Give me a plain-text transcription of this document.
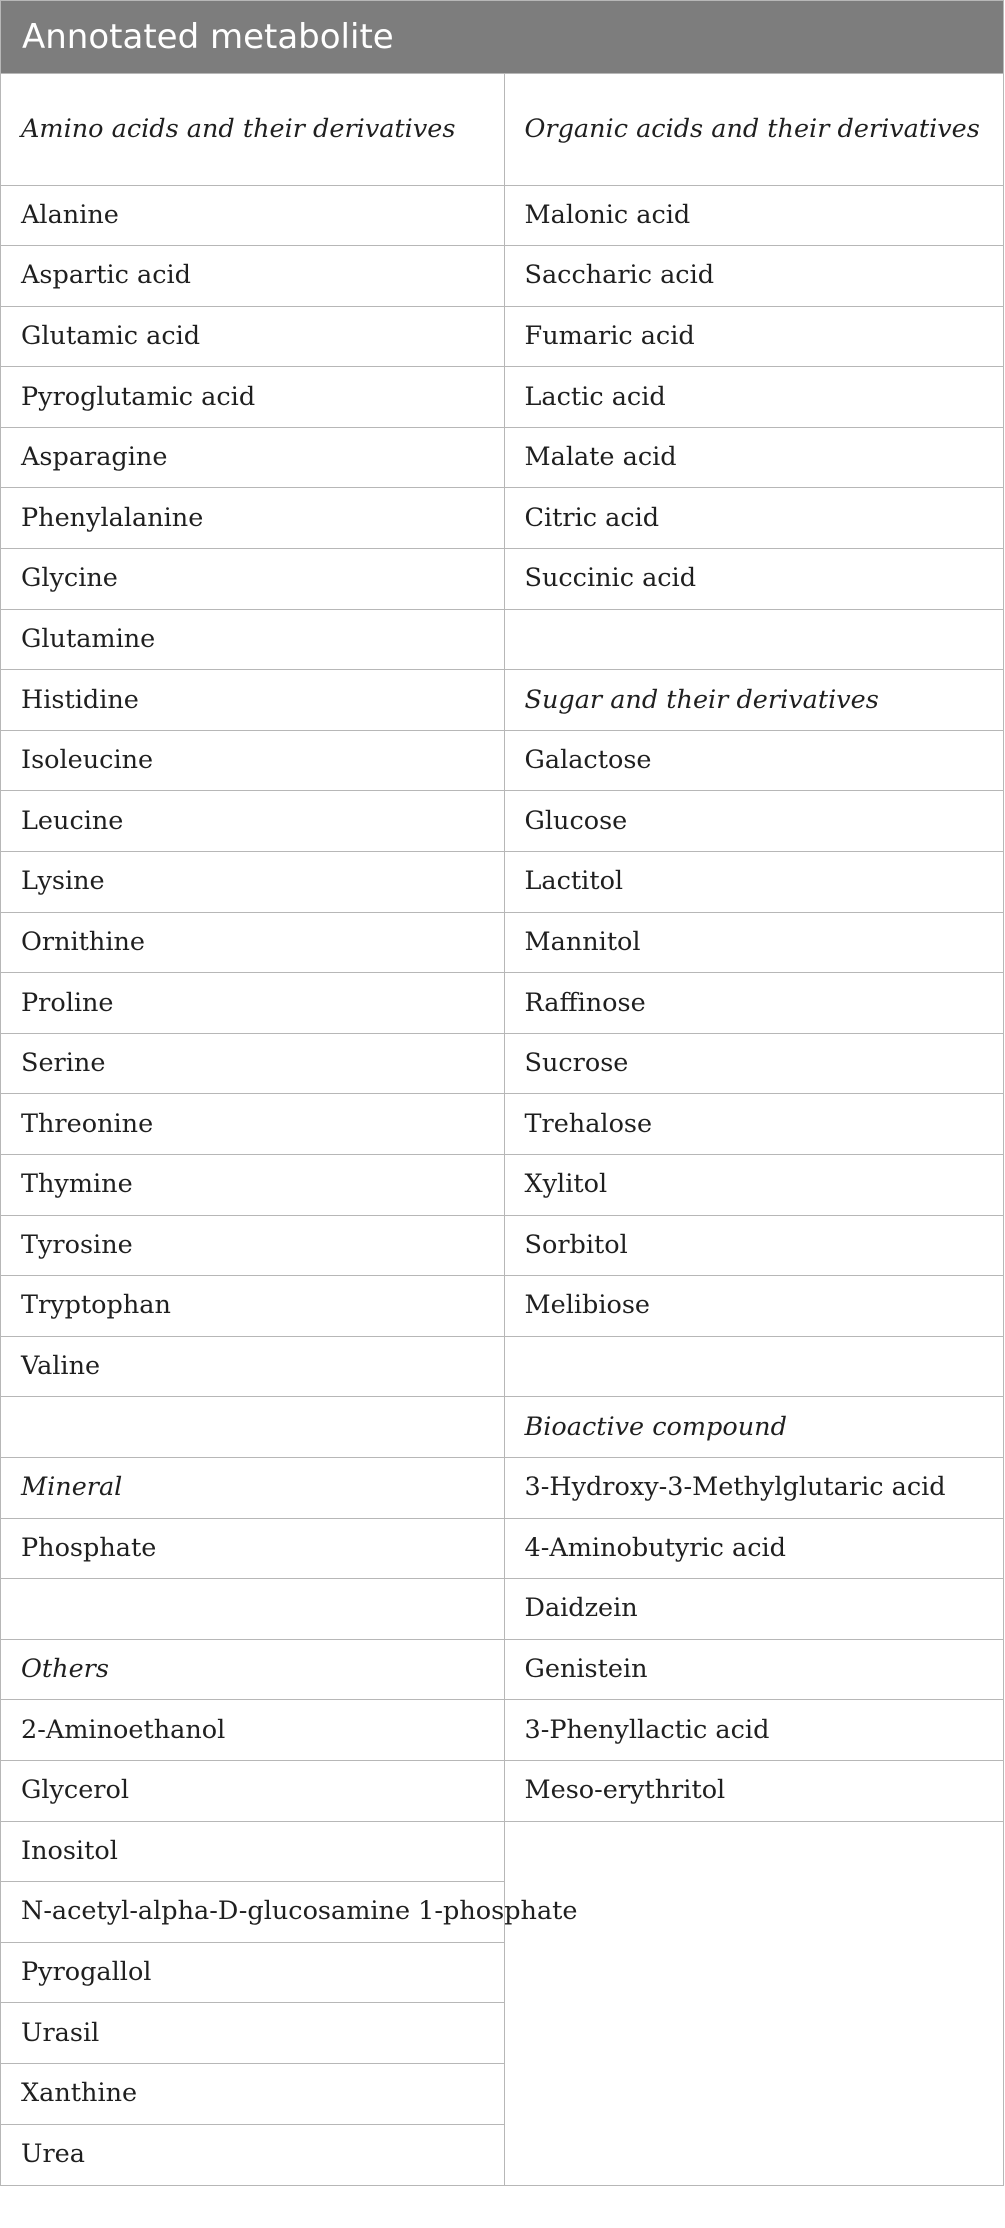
Annotated metabolite
Amino acids and their derivatives	Organic acids and their derivatives
Alanine	Malonic acid
Aspartic acid	Saccharic acid
Glutamic acid	Fumaric acid
Pyroglutamic acid	Lactic acid
Asparagine	Malate acid
Phenylalanine	Citric acid
Glycine	Succinic acid
Glutamine	
Histidine	Sugar and their derivatives
Isoleucine	Galactose
Leucine	Glucose
Lysine	Lactitol
Ornithine	Mannitol
Proline	Raffinose
Serine	Sucrose
Threonine	Trehalose
Thymine	Xylitol
Tyrosine	Sorbitol
Tryptophan	Melibiose
Valine	
	Bioactive compound
Mineral	3-Hydroxy-3-Methylglutaric acid
Phosphate	4-Aminobutyric acid
	Daidzein
Others	Genistein
2-Aminoethanol	3-Phenyllactic acid
Glycerol	Meso-erythritol
Inositol	
N-acetyl-alpha-D-glucosamine 1-phosphate	
Pyrogallol	
Urasil	
Xanthine	
Urea	
